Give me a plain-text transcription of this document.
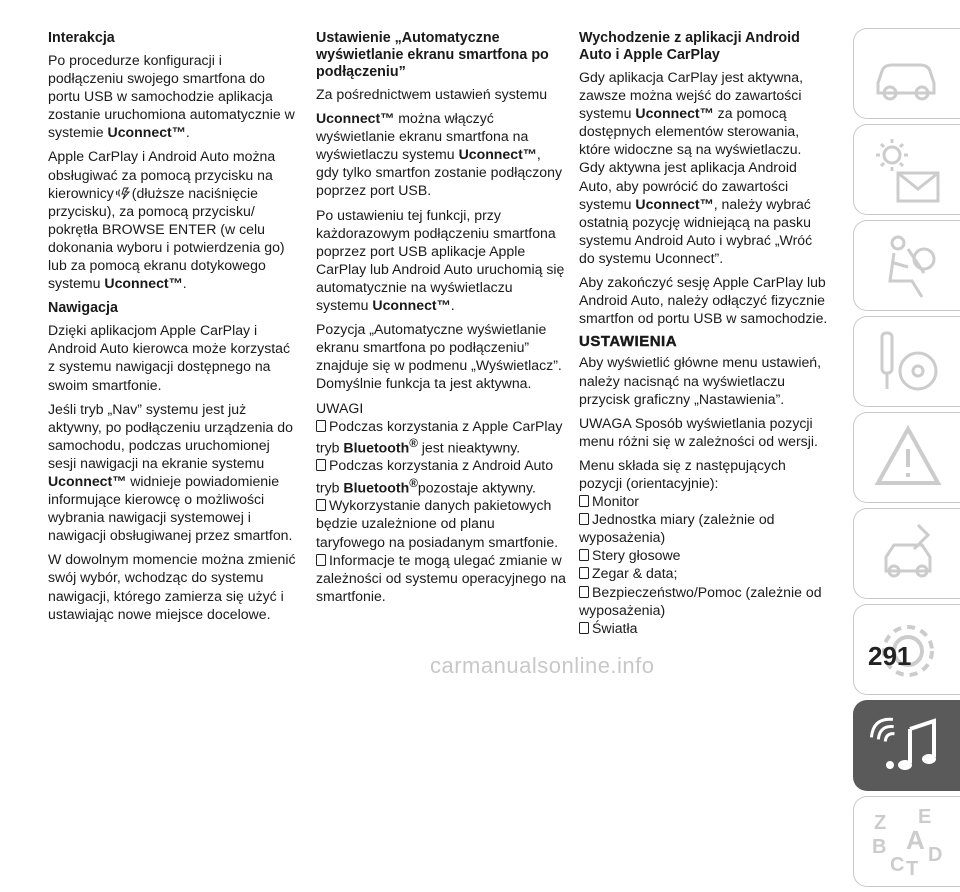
Interakcja
Po procedurze konfiguracji i podłączeniu swojego smartfona do portu USB w samochodzie aplikacja zostanie uruchomiona automatycznie w systemie Uconnect™.
Apple CarPlay i Android Auto można obsługiwać za pomocą przycisku na kierownicy (dłuższe naciśnięcie przycisku), za pomocą przycisku/ pokrętła BROWSE ENTER (w celu dokonania wyboru i potwierdzenia go) lub za pomocą ekranu dotykowego systemu Uconnect™.
Nawigacja
Dzięki aplikacjom Apple CarPlay i Android Auto kierowca może korzystać z systemu nawigacji dostępnego na swoim smartfonie.
Jeśli tryb „Nav” systemu jest już aktywny, po podłączeniu urządzenia do samochodu, podczas uruchomionej sesji nawigacji na ekranie systemu Uconnect™ widnieje powiadomienie informujące kierowcę o możliwości wybrania nawigacji systemowej i nawigacji obsługiwanej przez smartfon.
W dowolnym momencie można zmienić swój wybór, wchodząc do systemu nawigacji, którego zamierza się użyć i ustawiając nowe miejsce docelowe.
Ustawienie „Automatyczne wyświetlanie ekranu smartfona po podłączeniu”
Za pośrednictwem ustawień systemu
Uconnect™ można włączyć wyświetlanie ekranu smartfona na wyświetlaczu systemu Uconnect™, gdy tylko smartfon zostanie podłączony poprzez port USB.
Po ustawieniu tej funkcji, przy każdorazowym podłączeniu smartfona poprzez port USB aplikacje Apple CarPlay lub Android Auto uruchomią się automatycznie na wyświetlaczu systemu Uconnect™.
Pozycja „Automatyczne wyświetlanie ekranu smartfona po podłączeniu” znajduje się w podmenu „Wyświetlacz”. Domyślnie funkcja ta jest aktywna.
UWAGI
Podczas korzystania z Apple CarPlay tryb Bluetooth® jest nieaktywny.
Podczas korzystania z Android Auto tryb Bluetooth®pozostaje aktywny.
Wykorzystanie danych pakietowych będzie uzależnione od planu taryfowego na posiadanym smartfonie.
Informacje te mogą ulegać zmianie w zależności od systemu operacyjnego na smartfonie.
Wychodzenie z aplikacji Android Auto i Apple CarPlay
Gdy aplikacja CarPlay jest aktywna, zawsze można wejść do zawartości systemu Uconnect™ za pomocą dostępnych elementów sterowania, które widoczne są na wyświetlaczu. Gdy aktywna jest aplikacja Android Auto, aby powrócić do zawartości systemu Uconnect™, należy wybrać ostatnią pozycję widniejącą na pasku systemu Android Auto i wybrać „Wróć do systemu Uconnect”.
Aby zakończyć sesję Apple CarPlay lub Android Auto, należy odłączyć fizycznie smartfon od portu USB w samochodzie.
USTAWIENIA
Aby wyświetlić główne menu ustawień, należy nacisnąć na wyświetlaczu przycisk graficzny „Nastawienia”.
UWAGA Sposób wyświetlania pozycji menu różni się w zależności od wersji.
Menu składa się z następujących pozycji (orientacyjnie):
Monitor
Jednostka miary (zależnie od wyposażenia)
Stery głosowe
Zegar & data;
Bezpieczeństwo/Pomoc (zależnie od wyposażenia)
Światła
Z E
B
C T
D
A
291
carmanualsonline.info
